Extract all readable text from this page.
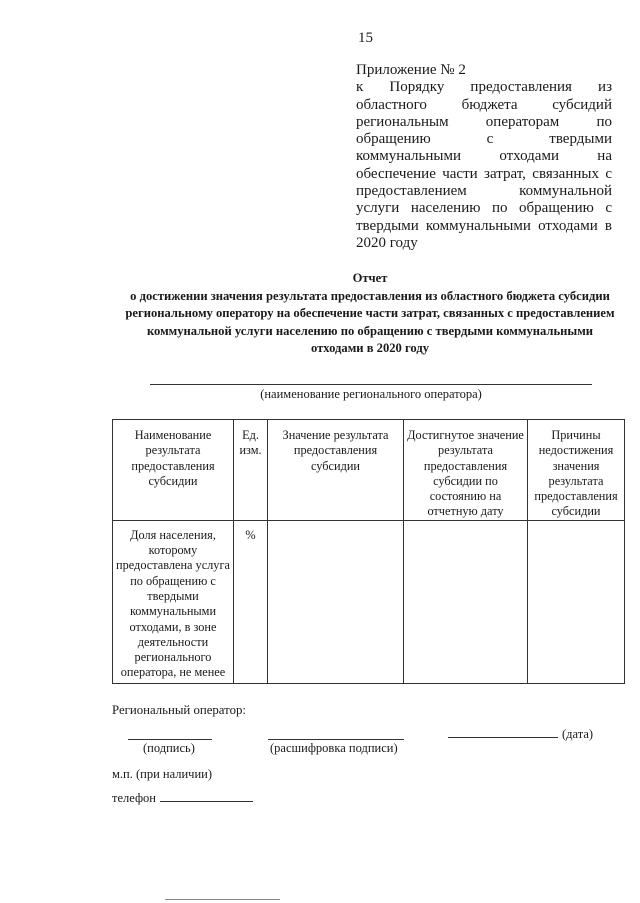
15
Приложение № 2
к Порядку предоставления из
областного бюджета субсидий
региональным операторам по
обращению с твердыми
коммунальными отходами на
обеспечение части затрат, связанных с
предоставлением коммунальной
услуги населению по обращению с
твердыми коммунальными отходами в
2020 году
Отчет
о достижении значения результата предоставления из областного бюджета субсидии
региональному оператору на обеспечение части затрат, связанных с предоставлением
коммунальной услуги населению по обращению с твердыми коммунальными
отходами в 2020 году
(наименование регионального оператора)
Наименование результата предоставления субсидии	Ед. изм.	Значение результата предоставления субсидии	Достигнутое значение результата предоставления субсидии по состоянию на отчетную дату	Причины недостижения значения результата предоставления субсидии
Доля населения, которому предоставлена услуга по обращению с твердыми коммунальными отходами, в зоне деятельности регионального оператора, не менее	%			
Региональный оператор:
(подпись)	(расшифровка подписи)
(дата)
м.п. (при наличии)
телефон
